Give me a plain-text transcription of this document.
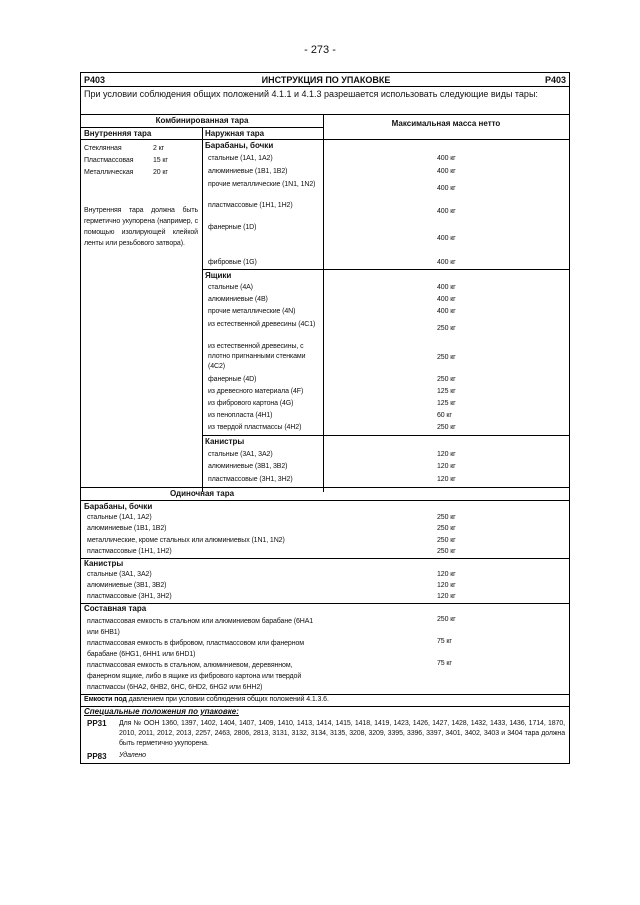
- 273 -
P403	ИНСТРУКЦИЯ ПО УПАКОВКЕ	P403
При условии соблюдения общих положений 4.1.1 и 4.1.3 разрешается использовать следующие виды тары:
Комбинированная тара	Максимальная масса нетто
Внутренняя тара	Наружная тара
Стеклянная	2 кг
Пластмассовая	15 кг
Металлическая	20 кг
Внутренняя тара должна быть герметично укупорена (например, с помощью изолирующей клейкой ленты или резьбового затвора).
Барабаны, бочки
стальные (1A1, 1A2)	400 кг
алюминиевые (1B1, 1B2)	400 кг
прочие металлические (1N1, 1N2)
400 кг
пластмассовые (1H1, 1H2)
400 кг
фанерные (1D)
400 кг
фибровые (1G)	400 кг
Ящики
стальные (4A)	400 кг
алюминиевые (4B)	400 кг
прочие металлические (4N)	400 кг
из естественной древесины (4C1)
250 кг
из естественной древесины, с плотно пригнанными стенками (4C2)
250 кг
фанерные (4D)	250 кг
из древесного материала (4F)	125 кг
из фибрового картона (4G)	125 кг
из пенопласта (4H1)	60 кг
из твердой пластмассы (4H2)	250 кг
Канистры
стальные (3A1, 3A2)	120 кг
алюминиевые (3B1, 3B2)	120 кг
пластмассовые (3H1, 3H2)	120 кг
Одиночная тара
Барабаны, бочки
стальные (1A1, 1A2)	250 кг
алюминиевые (1B1, 1B2)	250 кг
металлические, кроме стальных или алюминиевых (1N1, 1N2)	250 кг
пластмассовые (1H1, 1H2)	250 кг
Канистры
стальные (3A1, 3A2)	120 кг
алюминиевые (3B1, 3B2)	120 кг
пластмассовые (3H1, 3H2)	120 кг
Составная тара
пластмассовая емкость в стальном или алюминиевом барабане (6HA1 или 6HB1)
250 кг
пластмассовая емкость в фибровом, пластмассовом или фанерном барабане (6HG1, 6HH1 или 6HD1)
75 кг
пластмассовая емкость в стальном, алюминиевом, деревянном, фанерном ящике, либо в ящике из фибрового картона или твердой пластмассы (6HA2, 6HB2, 6HC, 6HD2, 6HG2 или 6HH2)
75 кг
Емкости под давлением при условии соблюдения общих положений 4.1.3.6.
Специальные положения по упаковке:
PP31 Для № ООН 1360, 1397, 1402, 1404, 1407, 1409, 1410, 1413, 1414, 1415, 1418, 1419, 1423, 1426, 1427, 1428, 1432, 1433, 1436, 1714, 1870, 2010, 2011, 2012, 2013, 2257, 2463, 2806, 2813, 3131, 3132, 3134, 3135, 3208, 3209, 3395, 3396, 3397, 3401, 3402, 3403 и 3404 тара должна быть герметично укупорена.
PP83 Удалено
